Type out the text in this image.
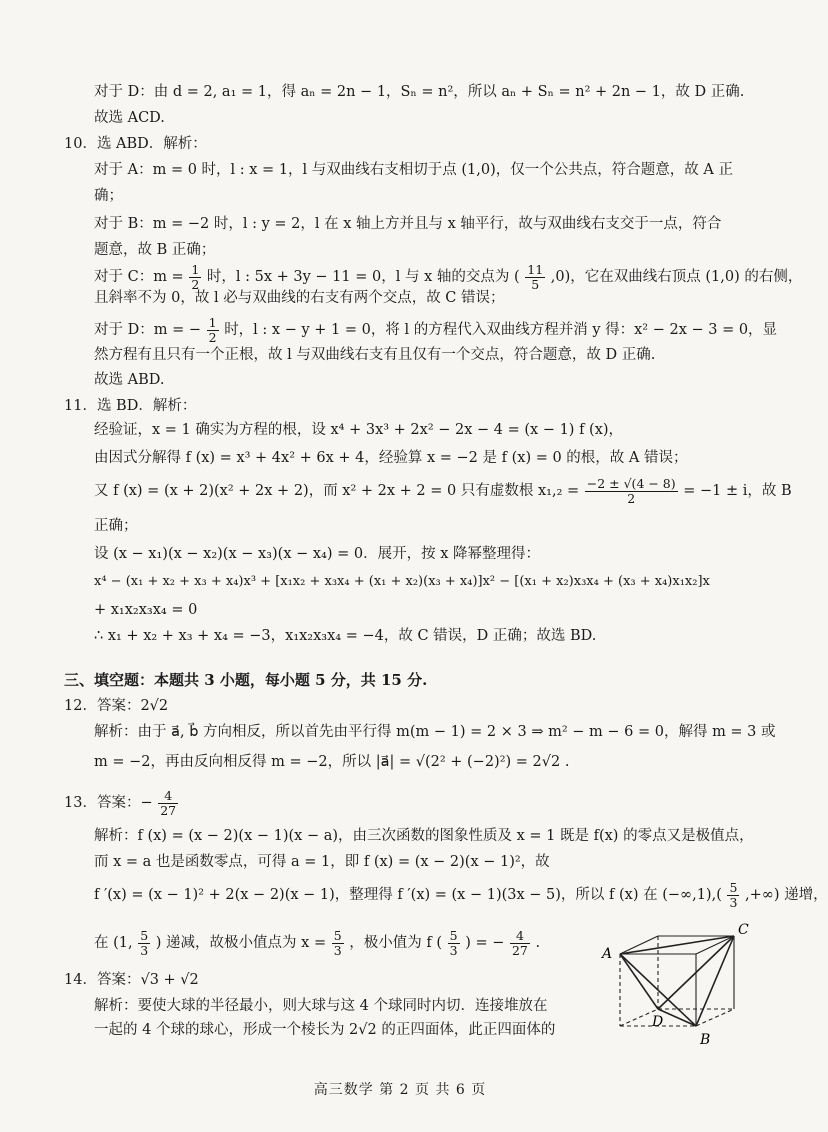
对于 D：由 d = 2, a₁ = 1，得 aₙ = 2n − 1，Sₙ = n²，所以 aₙ + Sₙ = n² + 2n − 1，故 D 正确.
故选 ACD.
10．选 ABD．解析：
对于 A：m = 0 时，l : x = 1，l 与双曲线右支相切于点 (1,0)，仅一个公共点，符合题意，故 A 正
确；
对于 B：m = −2 时，l : y = 2，l 在 x 轴上方并且与 x 轴平行，故与双曲线右支交于一点，符合
题意，故 B 正确；
对于 C：$m = \frac{1}{2}$ 时，l : 5x + 3y − 11 = 0，l 与 x 轴的交点为 ( $\frac{11}{5} ,0$)，它在双曲线右顶点 (1,0) 的右侧，
且斜率不为 0，故 l 必与双曲线的右支有两个交点，故 C 错误；
对于 D：m = − $\frac{1}{2}$ 时，l : x − y + 1 = 0，将 l 的方程代入双曲线方程并消 y 得：x² − 2x − 3 = 0，显
然方程有且只有一个正根，故 l 与双曲线右支有且仅有一个交点，符合题意，故 D 正确.
故选 ABD.
11．选 BD．解析：
经验证，x = 1 确实为方程的根，设 x⁴ + 3x³ + 2x² − 2x − 4 = (x − 1) f (x)，
由因式分解得 f (x) = x³ + 4x² + 6x + 4，经验算 x = −2 是 f (x) = 0 的根，故 A 错误；
又 f (x) = (x + 2)(x² + 2x + 2)，而 x² + 2x + 2 = 0 只有虚数根 $x_1,_2 = \frac{-2 \pm √(4 - 8)}{2} = -1 \pm i$，故 B
正确；
设 (x − x₁)(x − x₂)(x − x₃)(x − x₄) = 0．展开，按 x 降幂整理得：
x⁴ − (x₁ + x₂ + x₃ + x₄)x³ + [x₁x₂ + x₃x₄ + (x₁ + x₂)(x₃ + x₄)]x² − [(x₁ + x₂)x₃x₄ + (x₃ + x₄)x₁x₂]x
+ x₁x₂x₃x₄ = 0
∴ x₁ + x₂ + x₃ + x₄ = −3，x₁x₂x₃x₄ = −4，故 C 错误，D 正确；故选 BD.
三、填空题：本题共 3 小题，每小题 5 分，共 15 分.
12．答案：2√2
解析：由于 a⃗, b⃗ 方向相反，所以首先由平行得 m(m − 1) = 2 × 3 ⇒ m² − m − 6 = 0，解得 m = 3 或
m = −2，再由反向相反得 m = −2，所以 |a⃗| = √(2² + (−2)²) = 2√2 .
13．答案：− $\frac{4}{27}$
解析：f (x) = (x − 2)(x − 1)(x − a)，由三次函数的图象性质及 x = 1 既是 f(x) 的零点又是极值点，
而 x = a 也是函数零点，可得 a = 1，即 f (x) = (x − 2)(x − 1)²，故
f ′(x) = (x − 1)² + 2(x − 2)(x − 1)，整理得 f ′(x) = (x − 1)(3x − 5)，所以 f (x) 在 $(-\infty,1),( \frac{5}{3}$ ,+∞) 递增，
在 (1, $\frac{5}{3}$ ) 递减，故极小值点为 $x = \frac{5}{3}$ ，极小值为 f ( $\frac{5}{3}$ ) = − $\frac{4}{27}$ .
14．答案：√3 + √2
解析：要使大球的半径最小，则大球与这 4 个球同时内切．连接堆放在
一起的 4 个球的球心，形成一个棱长为 2√2 的正四面体，此正四面体的
A
C
D
B
高三数学 第 2 页 共 6 页
